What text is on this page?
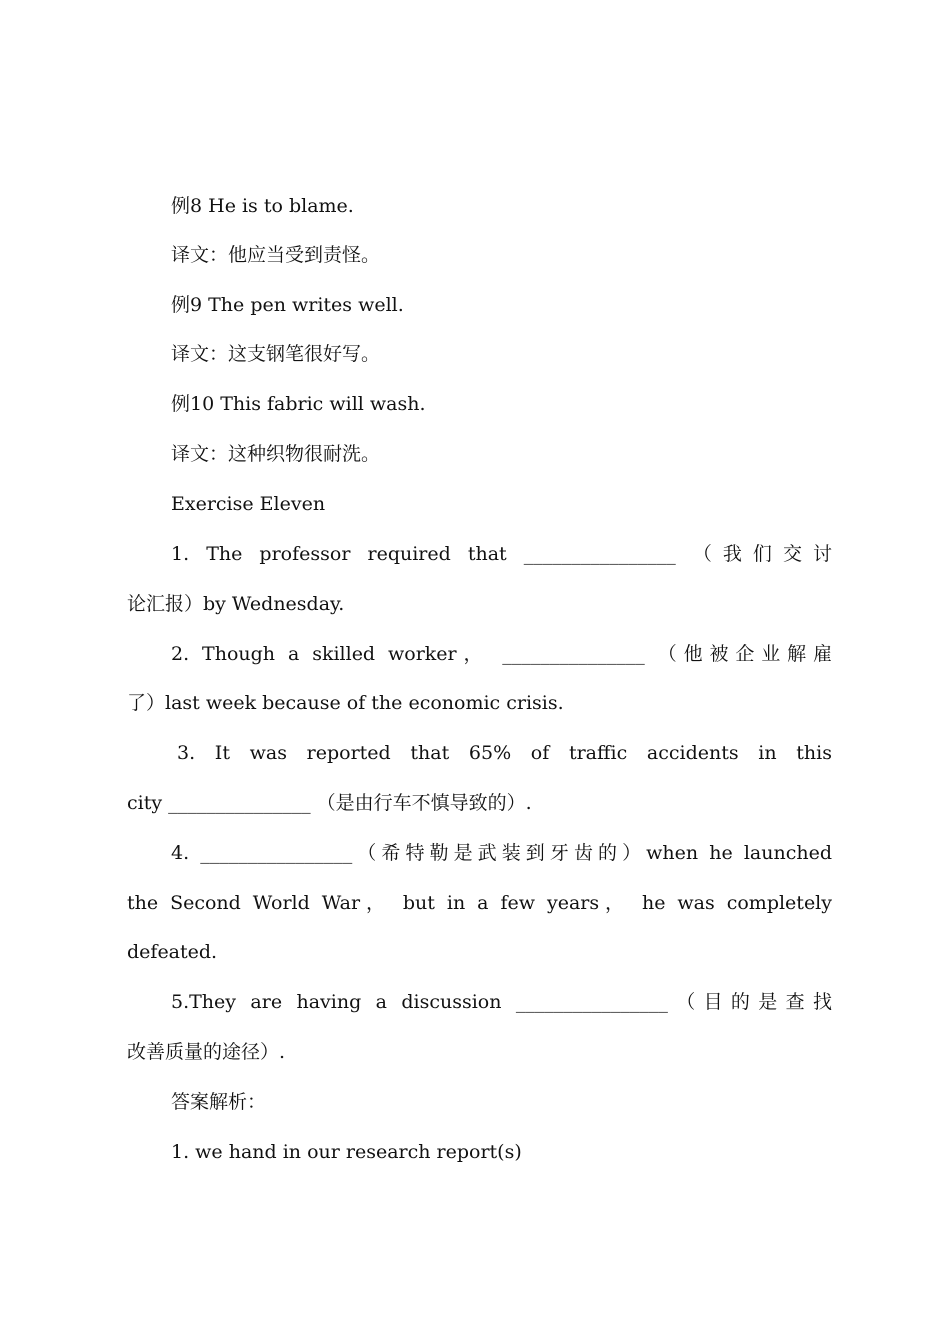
例8 He is to blame.
译文：他应当受到责怪。
例9 The pen writes well.
译文：这支钢笔很好写。
例10 This fabric will wash.
译文：这种织物很耐洗。
Exercise Eleven
1. The professor required that ________________ （我们交讨
论汇报）by Wednesday.
2. Though a skilled worker， _______________ （他被企业解雇
了）last week because of the economic crisis.
3. It was reported that 65% of traffic accidents in this
city _______________ （是由行车不慎导致的）.
4. ________________（希特勒是武装到牙齿的）when he launched
the Second World War， but in a few years， he was completely
defeated.
5.They are having a discussion ________________（目的是查找
改善质量的途径）.
答案解析：
1. we hand in our research report(s)
